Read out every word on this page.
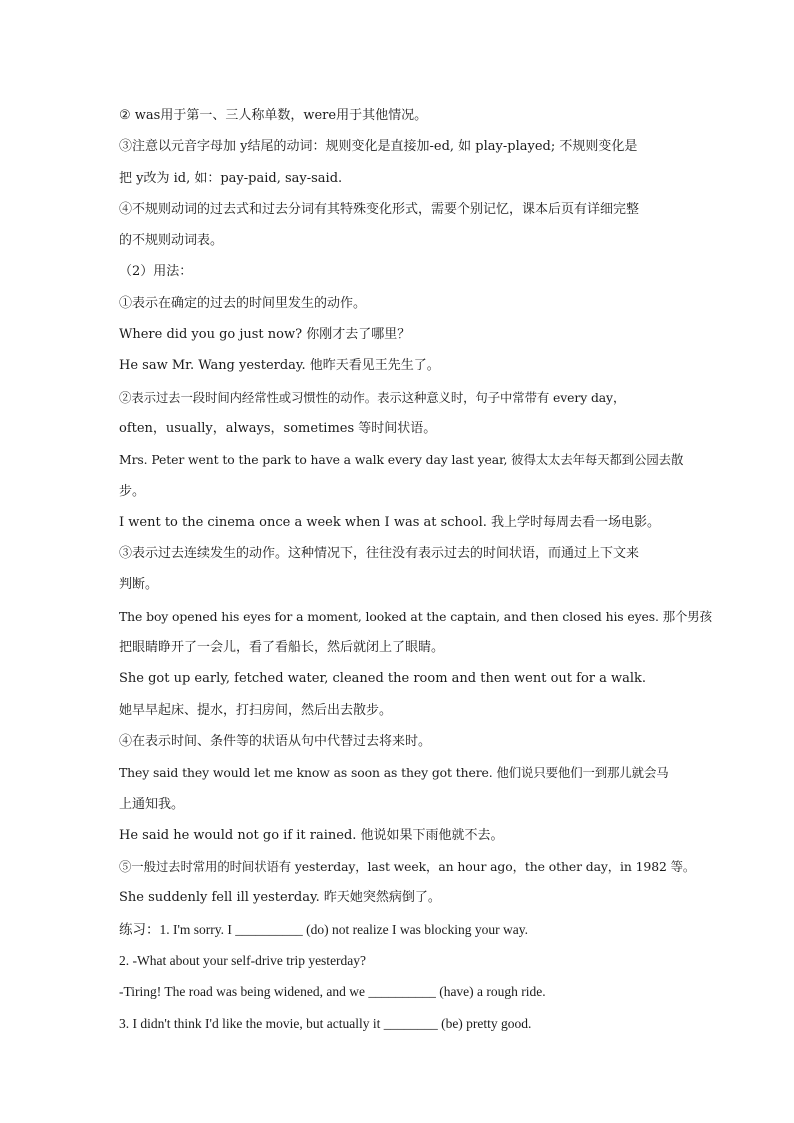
② was用于第一、三人称单数，were用于其他情况。
③注意以元音字母加 y结尾的动词：规则变化是直接加-ed, 如 play-played; 不规则变化是
把 y改为 id, 如：pay-paid, say-said.
④不规则动词的过去式和过去分词有其特殊变化形式，需要个别记忆，课本后页有详细完整
的不规则动词表。
（2）用法：
①表示在确定的过去的时间里发生的动作。
Where did you go just now? 你刚才去了哪里？
He saw Mr. Wang yesterday. 他昨天看见王先生了。
②表示过去一段时间内经常性或习惯性的动作。表示这种意义时，句子中常带有 every day，
often，usually，always，sometimes 等时间状语。
Mrs. Peter went to the park to have a walk every day last year, 彼得太太去年每天都到公园去散
步。
I went to the cinema once a week when I was at school. 我上学时每周去看一场电影。
③表示过去连续发生的动作。这种情况下，往往没有表示过去的时间状语，而通过上下文来
判断。
The boy opened his eyes for a moment, looked at the captain, and then closed his eyes. 那个男孩
把眼睛睁开了一会儿，看了看船长，然后就闭上了眼睛。
She got up early, fetched water, cleaned the room and then went out for a walk.
她早早起床、提水，打扫房间，然后出去散步。
④在表示时间、条件等的状语从句中代替过去将来时。
They said they would let me know as soon as they got there. 他们说只要他们一到那儿就会马
上通知我。
He said he would not go if it rained. 他说如果下雨他就不去。
⑤一般过去时常用的时间状语有 yesterday，last week，an hour ago，the other day，in 1982 等。
She suddenly fell ill yesterday. 昨天她突然病倒了。
练习：1. I'm sorry. I __________ (do) not realize I was blocking your way.
2. -What about your self-drive trip yesterday?
-Tiring! The road was being widened, and we __________ (have) a rough ride.
3. I didn't think I'd like the movie, but actually it ________ (be) pretty good.
